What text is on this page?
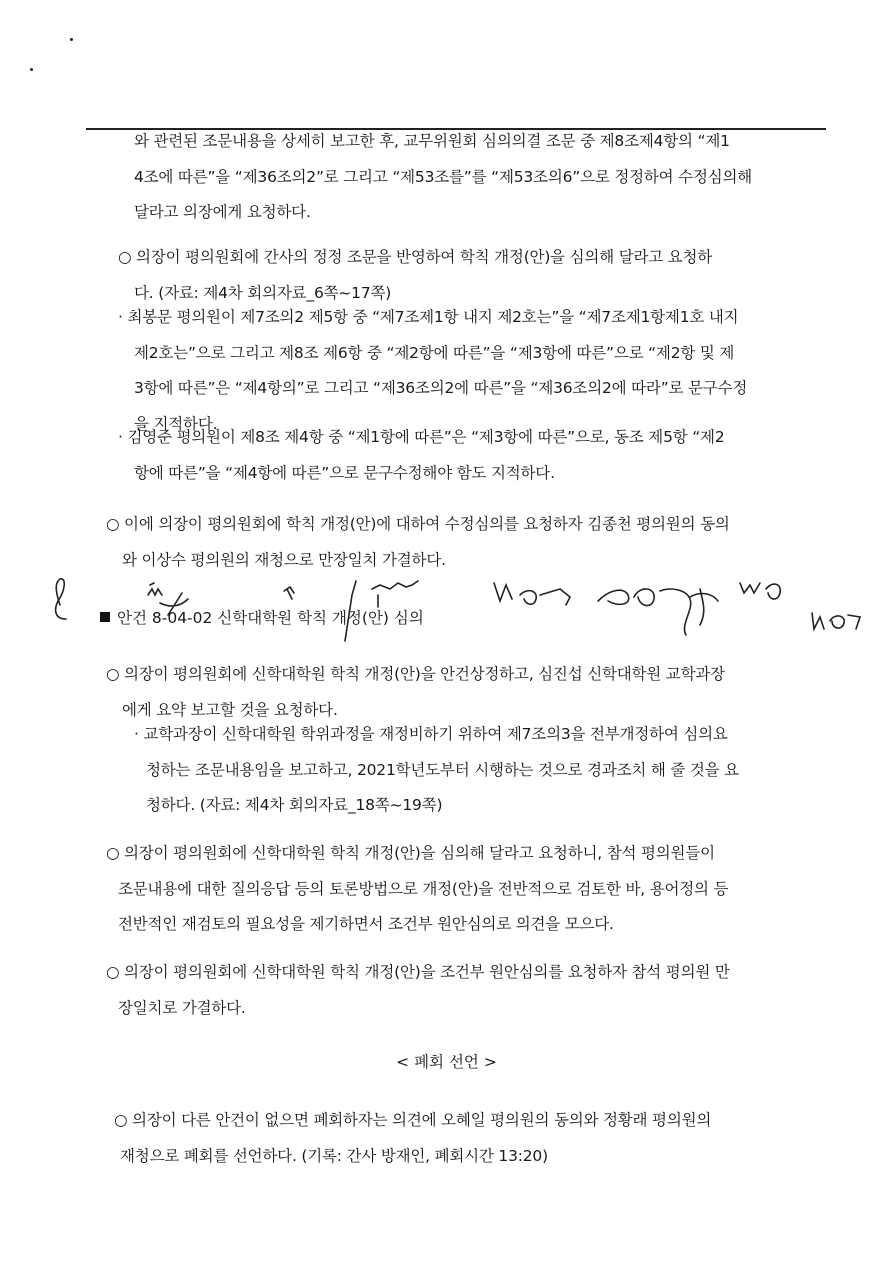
와 관련된 조문내용을 상세히 보고한 후, 교무위원회 심의의결 조문 중 제8조제4항의 “제1
4조에 따른”을 “제36조의2”로 그리고 “제53조를”를 “제53조의6”으로 정정하여 수정심의해
달라고 의장에게 요청하다.
○ 의장이 평의원회에 간사의 정정 조문을 반영하여 학칙 개정(안)을 심의해 달라고 요청하
다. (자료: 제4차 회의자료_6쪽~17쪽)
· 최봉문 평의원이 제7조의2 제5항 중 “제7조제1항 내지 제2호는”을 “제7조제1항제1호 내지
제2호는”으로 그리고 제8조 제6항 중 “제2항에 따른”을 “제3항에 따른”으로 “제2항 및 제
3항에 따른”은 “제4항의”로 그리고 “제36조의2에 따른”을 “제36조의2에 따라”로 문구수정
을 지적하다.
· 김영준 평의원이 제8조 제4항 중 “제1항에 따른”은 “제3항에 따른”으로, 동조 제5항 “제2
항에 따른”을 “제4항에 따른”으로 문구수정해야 함도 지적하다.
○ 이에 의장이 평의원회에 학칙 개정(안)에 대하여 수정심의를 요청하자 김종천 평의원의 동의
와 이상수 평의원의 재청으로 만장일치 가결하다.
안건 8-04-02 신학대학원 학칙 개정(안) 심의
○ 의장이 평의원회에 신학대학원 학칙 개정(안)을 안건상정하고, 심진섭 신학대학원 교학과장
에게 요약 보고할 것을 요청하다.
· 교학과장이 신학대학원 학위과정을 재정비하기 위하여 제7조의3을 전부개정하여 심의요
청하는 조문내용임을 보고하고, 2021학년도부터 시행하는 것으로 경과조치 해 줄 것을 요
청하다. (자료: 제4차 회의자료_18쪽~19쪽)
○ 의장이 평의원회에 신학대학원 학칙 개정(안)을 심의해 달라고 요청하니, 참석 평의원들이
조문내용에 대한 질의응답 등의 토론방법으로 개정(안)을 전반적으로 검토한 바, 용어정의 등
전반적인 재검토의 필요성을 제기하면서 조건부 원안심의로 의견을 모으다.
○ 의장이 평의원회에 신학대학원 학칙 개정(안)을 조건부 원안심의를 요청하자 참석 평의원 만
장일치로 가결하다.
< 폐회 선언 >
○ 의장이 다른 안건이 없으면 폐회하자는 의견에 오혜일 평의원의 동의와 정황래 평의원의
재청으로 폐회를 선언하다. (기록: 간사 방재인, 폐회시간 13:20)
